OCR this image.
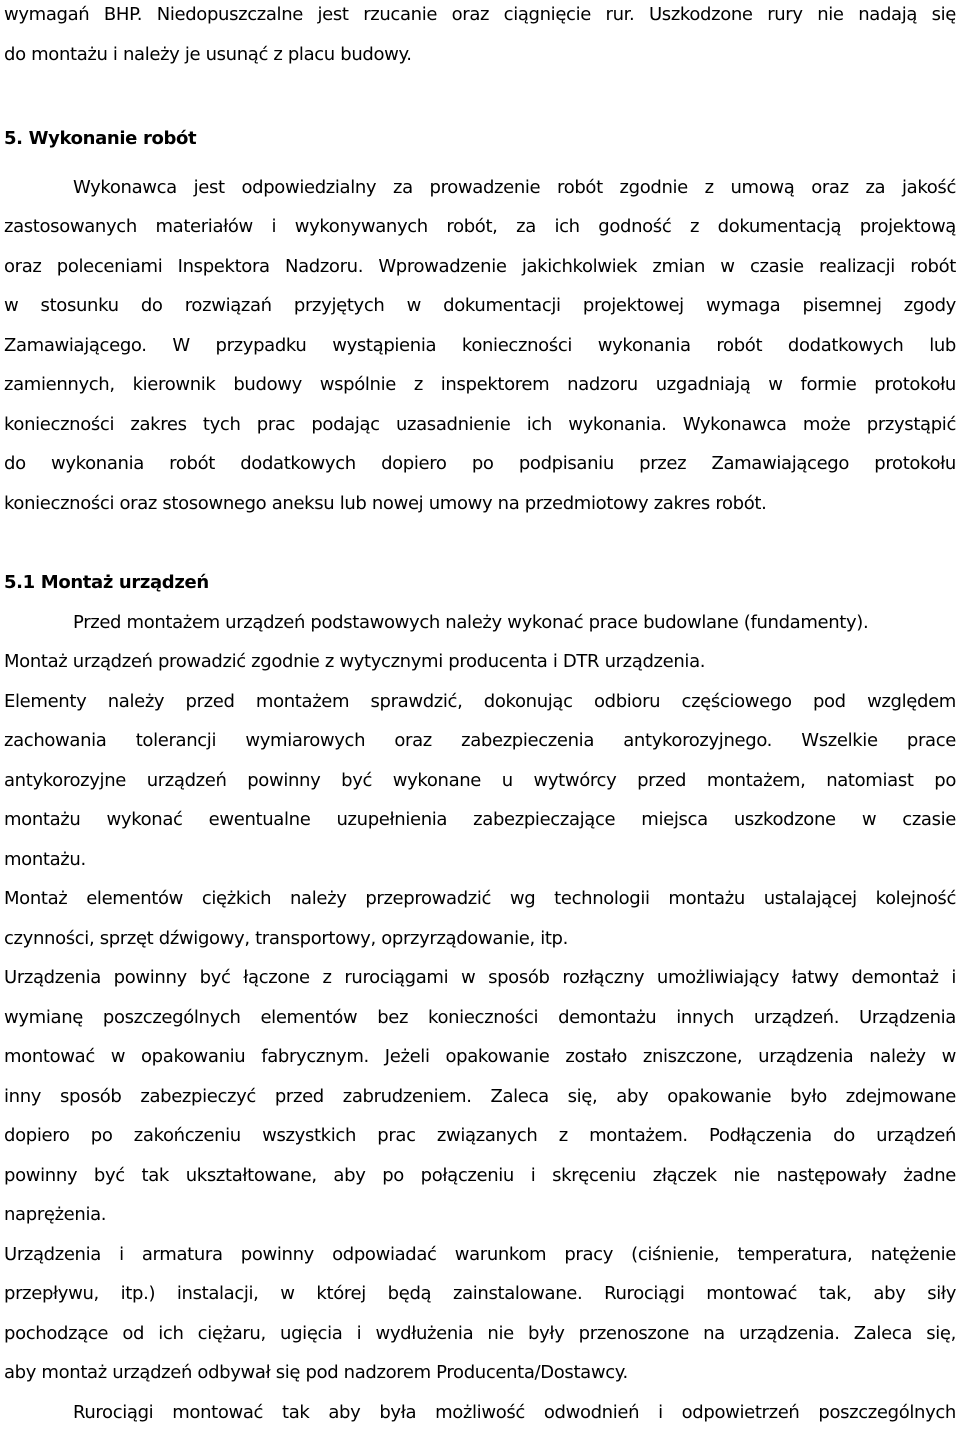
wymagań BHP. Niedopuszczalne jest rzucanie oraz ciągnięcie rur. Uszkodzone rury nie nadają się
do montażu i należy je usunąć z placu budowy.
5. Wykonanie robót
Wykonawca jest odpowiedzialny za prowadzenie robót zgodnie z umową oraz za jakość
zastosowanych materiałów i wykonywanych robót, za ich godność z dokumentacją projektową
oraz poleceniami Inspektora Nadzoru. Wprowadzenie jakichkolwiek zmian w czasie realizacji robót
w stosunku do rozwiązań przyjętych w dokumentacji projektowej wymaga pisemnej zgody
Zamawiającego. W przypadku wystąpienia konieczności wykonania robót dodatkowych lub
zamiennych, kierownik budowy wspólnie z inspektorem nadzoru uzgadniają w formie protokołu
konieczności zakres tych prac podając uzasadnienie ich wykonania. Wykonawca może przystąpić
do wykonania robót dodatkowych dopiero po podpisaniu przez Zamawiającego protokołu
konieczności oraz stosownego aneksu lub nowej umowy na przedmiotowy zakres robót.
5.1 Montaż urządzeń
Przed montażem urządzeń podstawowych należy wykonać prace budowlane (fundamenty).
Montaż urządzeń prowadzić zgodnie z wytycznymi producenta i DTR urządzenia.
Elementy należy przed montażem sprawdzić, dokonując odbioru częściowego pod względem
zachowania tolerancji wymiarowych oraz zabezpieczenia antykorozyjnego. Wszelkie prace
antykorozyjne urządzeń powinny być wykonane u wytwórcy przed montażem, natomiast po
montażu wykonać ewentualne uzupełnienia zabezpieczające miejsca uszkodzone w czasie
montażu.
Montaż elementów ciężkich należy przeprowadzić wg technologii montażu ustalającej kolejność
czynności, sprzęt dźwigowy, transportowy, oprzyrządowanie, itp.
Urządzenia powinny być łączone z rurociągami w sposób rozłączny umożliwiający łatwy demontaż i
wymianę poszczególnych elementów bez konieczności demontażu innych urządzeń. Urządzenia
montować w opakowaniu fabrycznym. Jeżeli opakowanie zostało zniszczone, urządzenia należy w
inny sposób zabezpieczyć przed zabrudzeniem. Zaleca się, aby opakowanie było zdejmowane
dopiero po zakończeniu wszystkich prac związanych z montażem. Podłączenia do urządzeń
powinny być tak ukształtowane, aby po połączeniu i skręceniu złączek nie następowały żadne
naprężenia.
Urządzenia i armatura powinny odpowiadać warunkom pracy (ciśnienie, temperatura, natężenie
przepływu, itp.) instalacji, w której będą zainstalowane. Rurociągi montować tak, aby siły
pochodzące od ich ciężaru, ugięcia i wydłużenia nie były przenoszone na urządzenia. Zaleca się,
aby montaż urządzeń odbywał się pod nadzorem Producenta/Dostawcy.
Rurociągi montować tak aby była możliwość odwodnień i odpowietrzeń poszczególnych
